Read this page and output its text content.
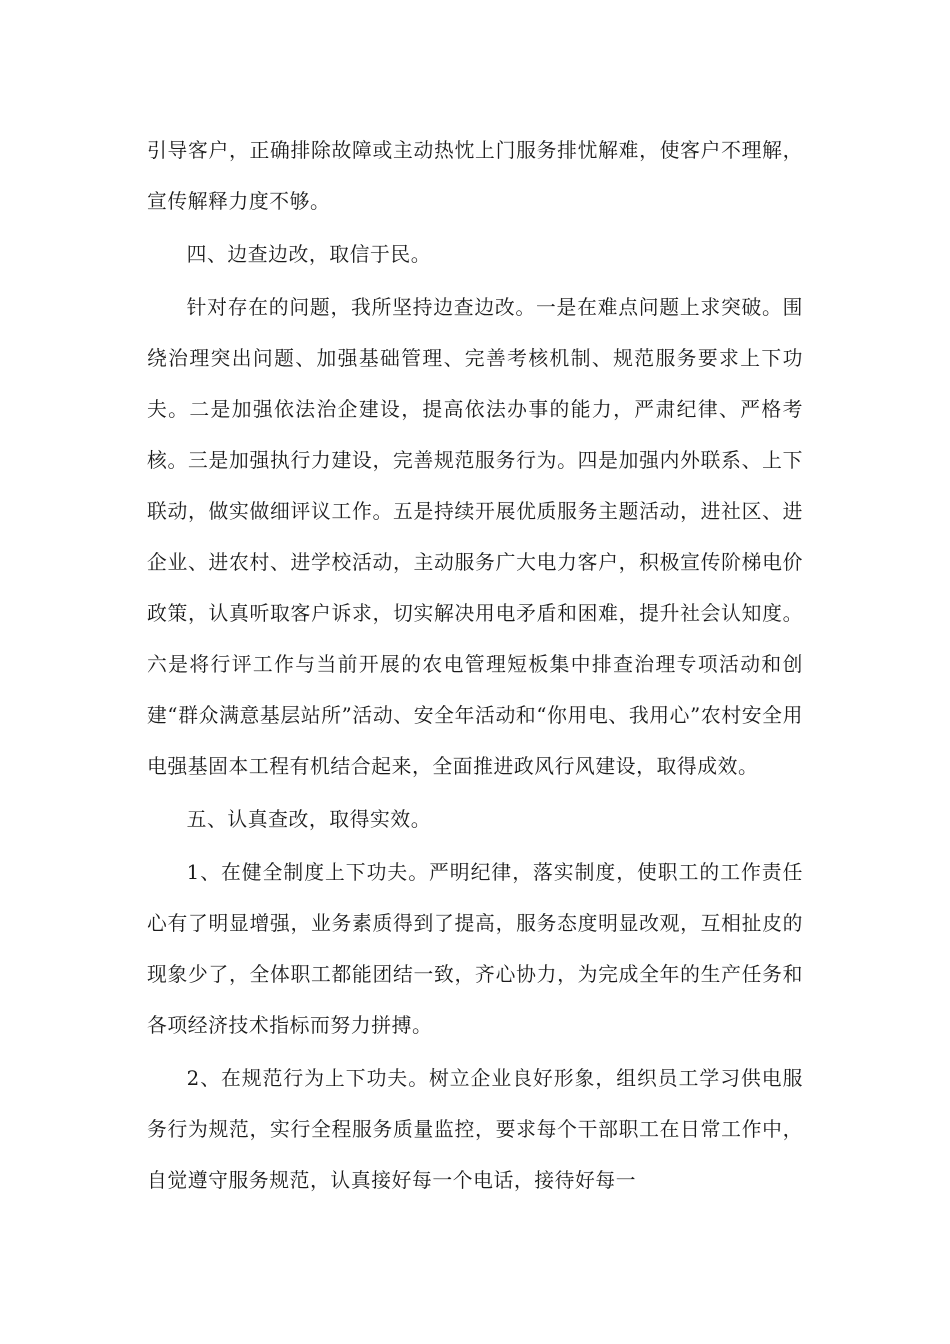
引导客户，正确排除故障或主动热忱上门服务排忧解难，使客户不理解，宣传解释力度不够。

四、边查边改，取信于民。

针对存在的问题，我所坚持边查边改。一是在难点问题上求突破。围绕治理突出问题、加强基础管理、完善考核机制、规范服务要求上下功夫。二是加强依法治企建设，提高依法办事的能力，严肃纪律、严格考核。三是加强执行力建设，完善规范服务行为。四是加强内外联系、上下联动，做实做细评议工作。五是持续开展优质服务主题活动，进社区、进企业、进农村、进学校活动，主动服务广大电力客户，积极宣传阶梯电价政策，认真听取客户诉求，切实解决用电矛盾和困难，提升社会认知度。六是将行评工作与当前开展的农电管理短板集中排查治理专项活动和创建“群众满意基层站所”活动、安全年活动和“你用电、我用心”农村安全用电强基固本工程有机结合起来，全面推进政风行风建设，取得成效。

五、认真查改，取得实效。

1、在健全制度上下功夫。严明纪律，落实制度，使职工的工作责任心有了明显增强，业务素质得到了提高，服务态度明显改观，互相扯皮的现象少了，全体职工都能团结一致，齐心协力，为完成全年的生产任务和各项经济技术指标而努力拼搏。

2、在规范行为上下功夫。树立企业良好形象，组织员工学习供电服务行为规范，实行全程服务质量监控，要求每个干部职工在日常工作中，自觉遵守服务规范，认真接好每一个电话，接待好每一
